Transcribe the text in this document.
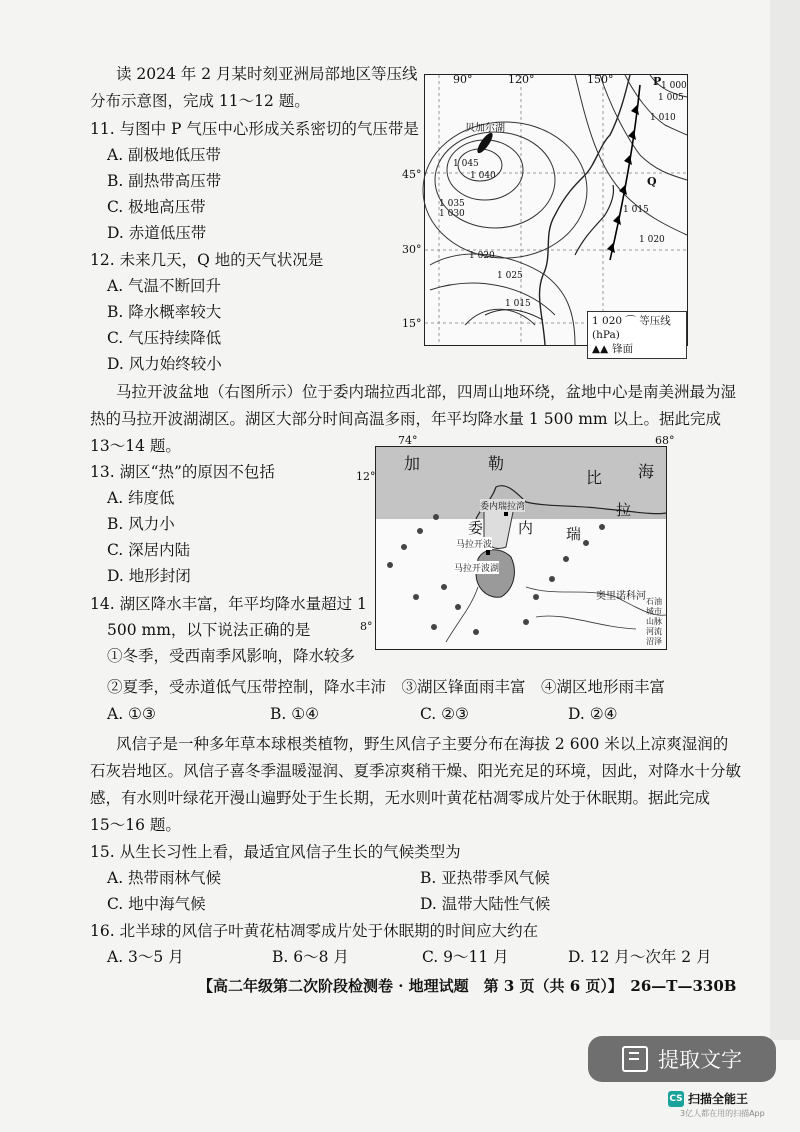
读 2024 年 2 月某时刻亚洲局部地区等压线
分布示意图，完成 11～12 题。
11. 与图中 P 气压中心形成关系密切的气压带是
A. 副极地低压带
B. 副热带高压带
C. 极地高压带
D. 赤道低压带
12. 未来几天，Q 地的天气状况是
A. 气温不断回升
B. 降水概率较大
C. 气压持续降低
D. 风力始终较小
90°	120°	150°
贝加尔湖
1 045
1 040
1 035
1 030
1 025
1 020
1 015
1 010
1 005
1 000
1 015
1 020
P
Q
1 020 ⌒ 等压线 (hPa)
▲▲ 锋面
45°
30°
15°
马拉开波盆地（右图所示）位于委内瑞拉西北部，四周山地环绕，盆地中心是南美洲最为湿
热的马拉开波湖湖区。湖区大部分时间高温多雨，年平均降水量 1 500 mm 以上。据此完成
13～14 题。
13. 湖区“热”的原因不包括
A. 纬度低
B. 风力小
C. 深居内陆
D. 地形封闭
14. 湖区降水丰富，年平均降水量超过 1
500 mm，以下说法正确的是
①冬季，受西南季风影响，降水较多
②夏季，受赤道低气压带控制，降水丰沛　③湖区锋面雨丰富　④湖区地形雨丰富
A. ①③	B. ①④	C. ②③	D. ②④
加	勒
比 海
委 内 瑞
拉
委内瑞拉湾
马拉开波
马拉开波湖
奥里诺科河 石油
城市
山脉
河流
沼泽
74°	68°
12°
8°
风信子是一种多年草本球根类植物，野生风信子主要分布在海拔 2 600 米以上凉爽湿润的
石灰岩地区。风信子喜冬季温暖湿润、夏季凉爽稍干燥、阳光充足的环境，因此，对降水十分敏
感，有水则叶绿花开漫山遍野处于生长期，无水则叶黄花枯凋零成片处于休眠期。据此完成
15～16 题。
15. 从生长习性上看，最适宜风信子生长的气候类型为
A. 热带雨林气候	B. 亚热带季风气候
C. 地中海气候	D. 温带大陆性气候
16. 北半球的风信子叶黄花枯凋零成片处于休眠期的时间应大约在
A. 3～5 月	B. 6～8 月	C. 9～11 月	D. 12 月～次年 2 月
【高二年级第二次阶段检测卷 · 地理试题　第 3 页（共 6 页）】　26—T—330B
提取文字
CS 扫描全能王
3亿人都在用的扫描App
